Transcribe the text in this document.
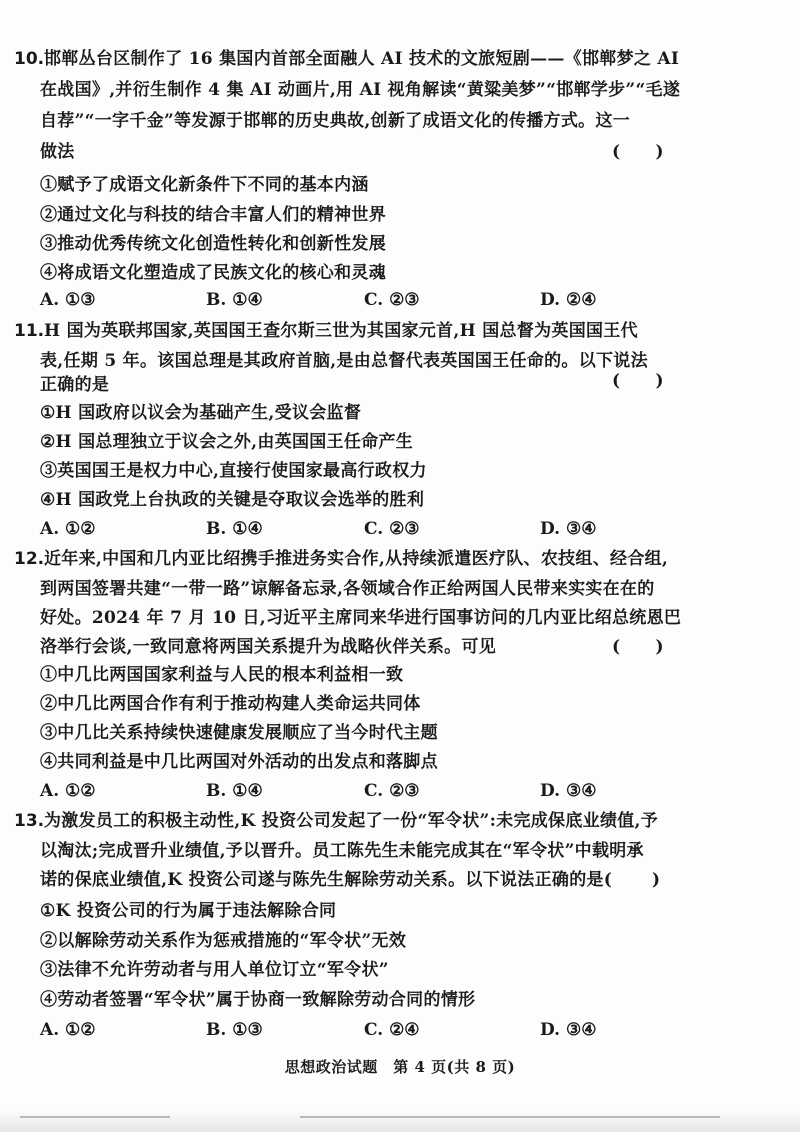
10. 邯郸丛台区制作了 16 集国内首部全面融人 AI 技术的文旅短剧——《邯郸梦之 AI
在战国》,并衍生制作 4 集 AI 动画片,用 AI 视角解读“黄粱美梦”“邯郸学步”“毛遂
自荐”“一字千金”等发源于邯郸的历史典故,创新了成语文化的传播方式。这一
做法	(      )
①赋予了成语文化新条件下不同的基本内涵
②通过文化与科技的结合丰富人们的精神世界
③推动优秀传统文化创造性转化和创新性发展
④将成语文化塑造成了民族文化的核心和灵魂
A. ①③	B. ①④	C. ②③	D. ②④
11. H 国为英联邦国家,英国国王查尔斯三世为其国家元首,H 国总督为英国国王代
表,任期 5 年。该国总理是其政府首脑,是由总督代表英国国王任命的。以下说法
正确的是	(      )
①H 国政府以议会为基础产生,受议会监督
②H 国总理独立于议会之外,由英国国王任命产生
③英国国王是权力中心,直接行使国家最高行政权力
④H 国政党上台执政的关键是夺取议会选举的胜利
A. ①②	B. ①④	C. ②③	D. ③④
12. 近年来,中国和几内亚比绍携手推进务实合作,从持续派遣医疗队、农技组、经合组,
到两国签署共建“一带一路”谅解备忘录,各领域合作正给两国人民带来实实在在的
好处。2024 年 7 月 10 日,习近平主席同来华进行国事访问的几内亚比绍总统恩巴
洛举行会谈,一致同意将两国关系提升为战略伙伴关系。可见	(      )
①中几比两国国家利益与人民的根本利益相一致
②中几比两国合作有利于推动构建人类命运共同体
③中几比关系持续快速健康发展顺应了当今时代主题
④共同利益是中几比两国对外活动的出发点和落脚点
A. ①②	B. ①④	C. ②③	D. ③④
13. 为激发员工的积极主动性,K 投资公司发起了一份“军令状”:未完成保底业绩值,予
以淘汰;完成晋升业绩值,予以晋升。员工陈先生未能完成其在“军令状”中载明承
诺的保底业绩值,K 投资公司遂与陈先生解除劳动关系。以下说法正确的是( )
①K 投资公司的行为属于违法解除合同
②以解除劳动关系作为惩戒措施的“军令状”无效
③法律不允许劳动者与用人单位订立“军令状”
④劳动者签署“军令状”属于协商一致解除劳动合同的情形
A. ①②	B. ①③	C. ②④	D. ③④
思想政治试题　第 4 页(共 8 页)
